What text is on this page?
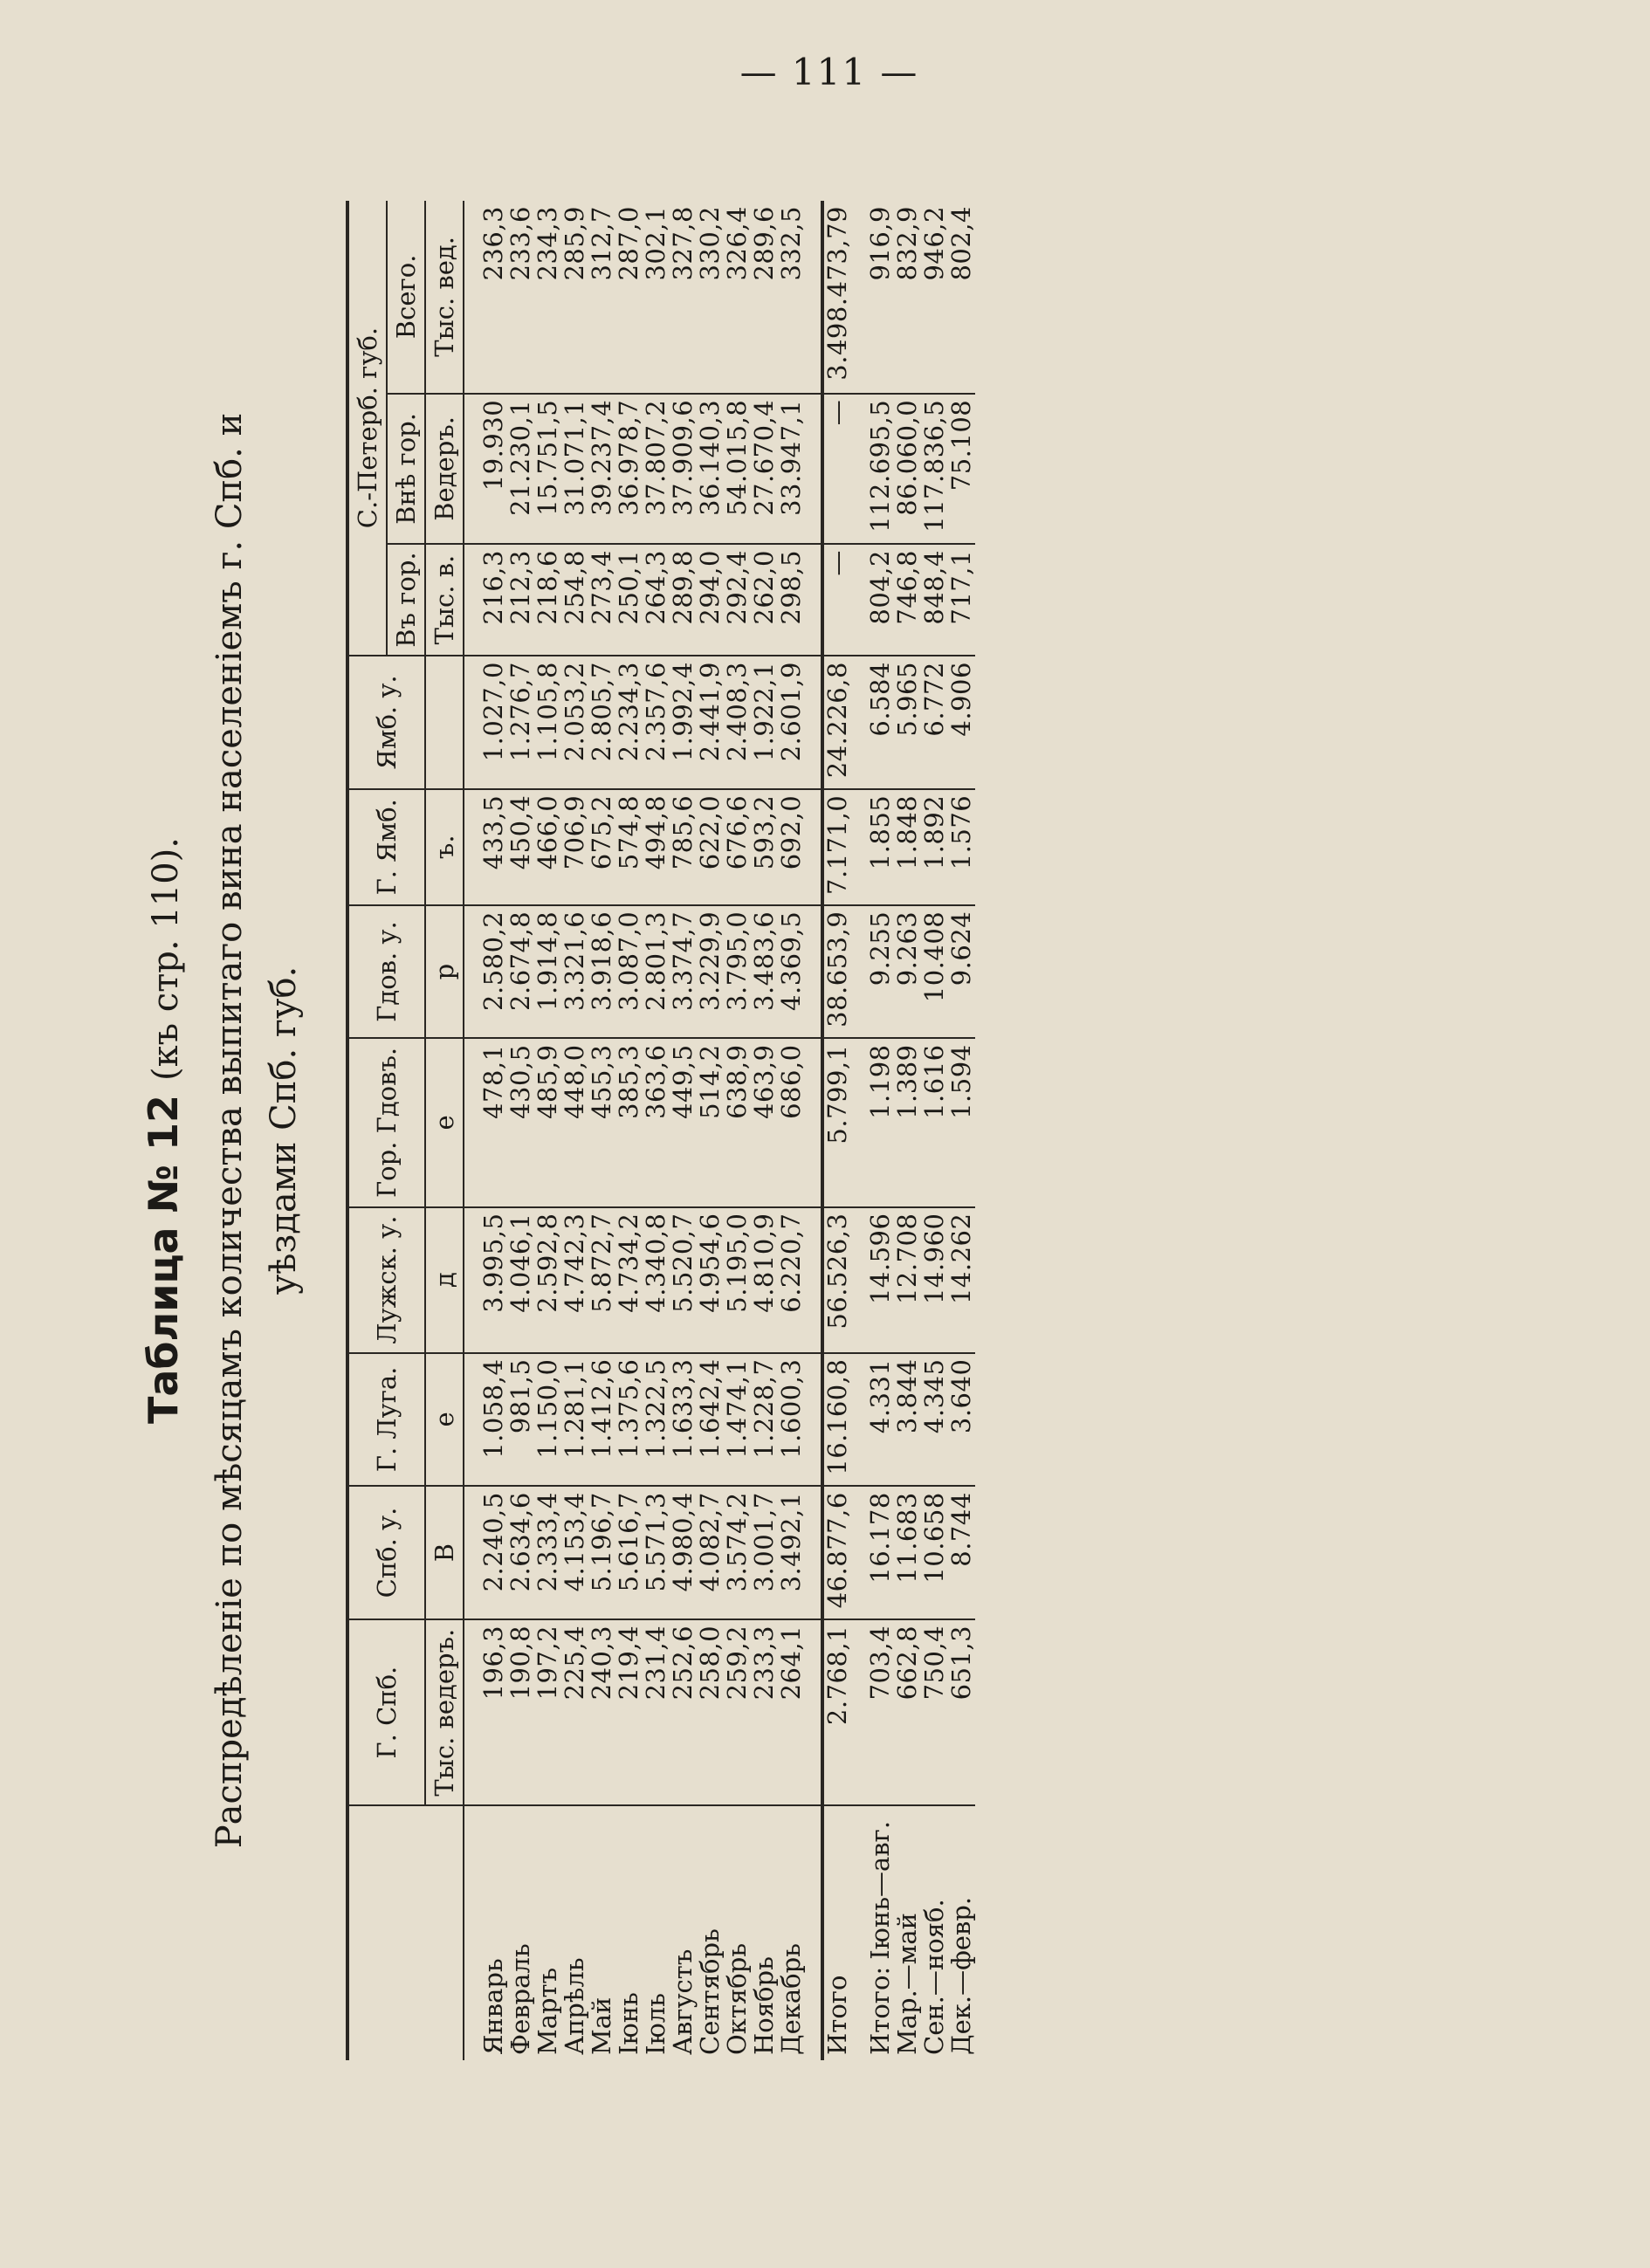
— 111 —
Таблица № 12 (къ стр. 110). Распредѣленіе по мѣсяцамъ количества выпитаго вина населеніемъ г. Спб. и уѣздами Спб. губ.
	Г. Спб.	Спб. у.	Г. Луга.	Лужск. у.	Гор. Гдовъ.	Гдов. у.	Г. Ямб.	Ямб. у.	С.-Петерб. губ.		
									Въ гор.	Внѣ гор.	Всего.
	Тыс. ведеръ.	В	е	д	е	р	ъ.		Тыс. в.	Ведеръ.	Тыс. вед.

Январь	196,3	2.240,5	1.058,4	3.995,5	478,1	2.580,2	433,5	1.027,0	216,3	19.930	236,3
Февраль	190,8	2.634,6	981,5	4.046,1	430,5	2.674,8	450,4	1.276,7	212,3	21.230,1	233,6
Мартъ	197,2	2.333,4	1.150,0	2.592,8	485,9	1.914,8	466,0	1.105,8	218,6	15.751,5	234,3
Апрѣль	225,4	4.153,4	1.281,1	4.742,3	448,0	3.321,6	706,9	2.053,2	254,8	31.071,1	285,9
Май	240,3	5.196,7	1.412,6	5.872,7	455,3	3.918,6	675,2	2.805,7	273,4	39.237,4	312,7
Іюнь	219,4	5.616,7	1.375,6	4.734,2	385,3	3.087,0	574,8	2.234,3	250,1	36.978,7	287,0
Іюль	231,4	5.571,3	1.322,5	4.340,8	363,6	2.801,3	494,8	2.357,6	264,3	37.807,2	302,1
Августъ	252,6	4.980,4	1.633,3	5.520,7	449,5	3.374,7	785,6	1.992,4	289,8	37.909,6	327,8
Сентябрь	258,0	4.082,7	1.642,4	4.954,6	514,2	3.229,9	622,0	2.441,9	294,0	36.140,3	330,2
Октябрь	259,2	3.574,2	1.474,1	5.195,0	638,9	3.795,0	676,6	2.408,3	292,4	54.015,8	326,4
Ноябрь	233,3	3.001,7	1.228,7	4.810,9	463,9	3.483,6	593,2	1.922,1	262,0	27.670,4	289,6
Декабрь	264,1	3.492,1	1.600,3	6.220,7	686,0	4.369,5	692,0	2.601,9	298,5	33.947,1	332,5

Итого	2.768,1	46.877,6	16.160,8	56.526,3	5.799,1	38.653,9	7.171,0	24.226,8	—	—	3.498.473,79

Итого:Іюнь—авг.	703,4	16.178	4.331	14.596	1.198	9.255	1.855	6.584	804,2	112.695,5	916,9
Мар.—май	662,8	11.683	3.844	12.708	1.389	9.263	1.848	5.965	746,8	86.060,0	832,9
Сен.—нояб.	750,4	10.658	4.345	14.960	1.616	10.408	1.892	6.772	848,4	117.836,5	946,2
Дек.—февр.	651,3	8.744	3.640	14.262	1.594	9.624	1.576	4.906	717,1	75.108	802,4
